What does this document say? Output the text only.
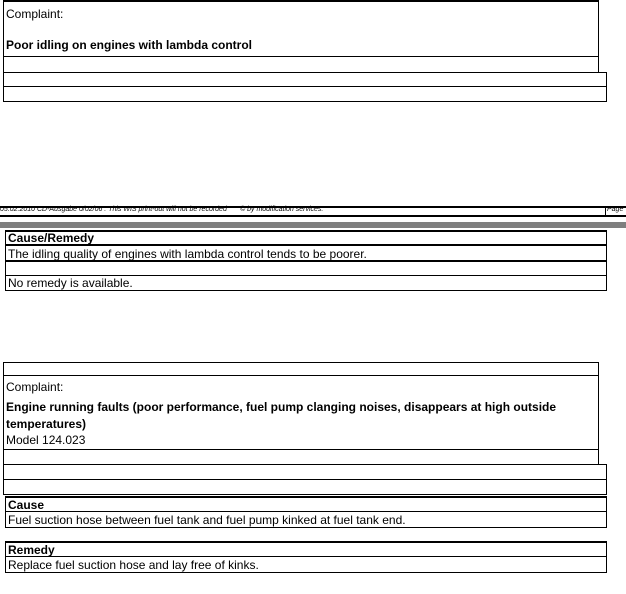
Complaint:
Poor idling on engines with lambda control
05.02.2010 CD-Ausgabe 0/02/06 . This WIS print-out will not be recorded © by modification services.	Page
Cause/Remedy
The idling quality of engines with lambda control tends to be poorer.
No remedy is available.
Complaint:
Engine running faults (poor performance, fuel pump clanging noises, disappears at high outside
temperatures)
Model 124.023
Cause
Fuel suction hose between fuel tank and fuel pump kinked at fuel tank end.
Remedy
Replace fuel suction hose and lay free of kinks.
